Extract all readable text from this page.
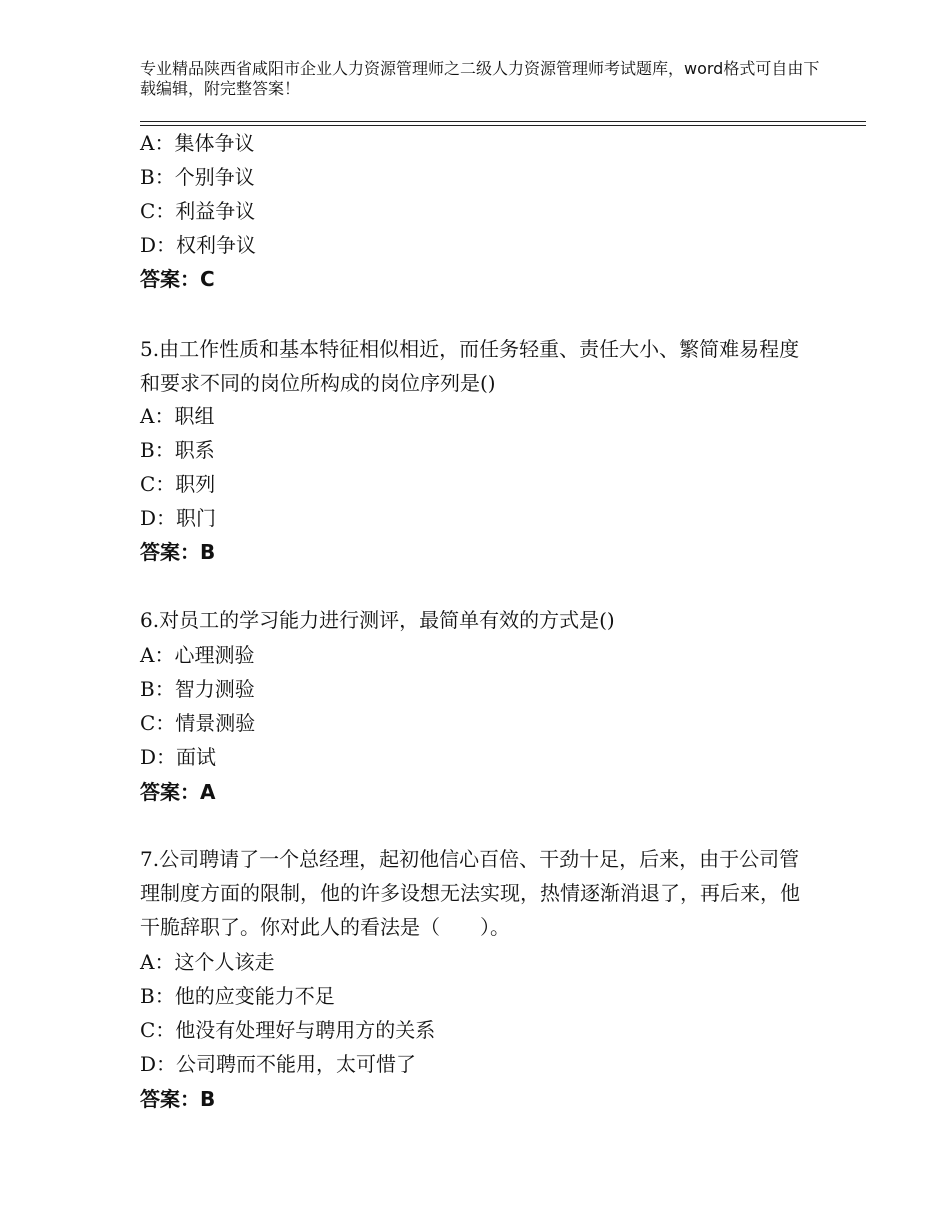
专业精品陕西省咸阳市企业人力资源管理师之二级人力资源管理师考试题库，word格式可自由下载编辑，附完整答案！
A：集体争议
B：个别争议
C：利益争议
D：权利争议
答案：C
5.由工作性质和基本特征相似相近，而任务轻重、责任大小、繁简难易程度和要求不同的岗位所构成的岗位序列是()
A：职组
B：职系
C：职列
D：职门
答案：B
6.对员工的学习能力进行测评，最简单有效的方式是()
A：心理测验
B：智力测验
C：情景测验
D：面试
答案：A
7.公司聘请了一个总经理，起初他信心百倍、干劲十足，后来，由于公司管理制度方面的限制，他的许多设想无法实现，热情逐渐消退了，再后来，他干脆辞职了。你对此人的看法是（　　）。
A：这个人该走
B：他的应变能力不足
C：他没有处理好与聘用方的关系
D：公司聘而不能用，太可惜了
答案：B
